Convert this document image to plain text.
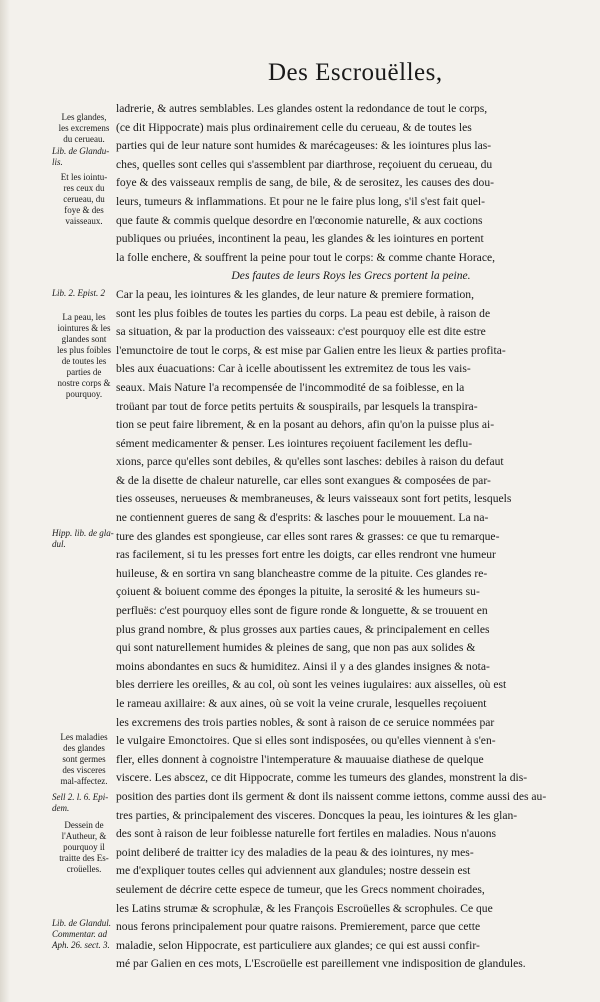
Des Escrouëlles,
Les glandes,
les excremens
du cerueau.
Lib. de Glandu-
lis.
Et les iointu-
res ceux du
cerueau, du
foye & des
vaisseaux.
Lib. 2. Epist. 2
La peau, les
iointures & les
glandes sont
les plus foibles
de toutes les
parties de
nostre corps &
pourquoy.
Hipp. lib. de gla-
dul.
Les maladies
des glandes
sont germes
des visceres
mal-affectez.
Sell 2. l. 6. Epi-
dem.
Dessein de
l'Autheur, &
pourquoy il
traitte des Es-
croüelles.
Lib. de Glandul.
Commentar. ad
Aph. 26. sect. 3.
ladrerie, & autres semblables. Les glandes ostent la redondance de tout le corps,
(ce dit Hippocrate) mais plus ordinairement celle du cerueau, & de toutes les
parties qui de leur nature sont humides & marécageuses: & les iointures plus las-
ches, quelles sont celles qui s'assemblent par diarthrose, reçoiuent du cerueau, du
foye & des vaisseaux remplis de sang, de bile, & de serositez, les causes des dou-
leurs, tumeurs & inflammations. Et pour ne le faire plus long, s'il s'est fait quel-
que faute & commis quelque desordre en l'œconomie naturelle, & aux coctions
publiques ou priuées, incontinent la peau, les glandes & les iointures en portent
la folle enchere, & souffrent la peine pour tout le corps: & comme chante Horace,
Des fautes de leurs Roys les Grecs portent la peine.
Car la peau, les iointures & les glandes, de leur nature & premiere formation,
sont les plus foibles de toutes les parties du corps. La peau est debile, à raison de
sa situation, & par la production des vaisseaux: c'est pourquoy elle est dite estre
l'emunctoire de tout le corps, & est mise par Galien entre les lieux & parties profita-
bles aux éuacuations: Car à icelle aboutissent les extremitez de tous les vais-
seaux. Mais Nature l'a recompensée de l'incommodité de sa foiblesse, en la
troüant par tout de force petits pertuits & souspirails, par lesquels la transpira-
tion se peut faire librement, & en la posant au dehors, afin qu'on la puisse plus ai-
sément medicamenter & penser. Les iointures reçoiuent facilement les deflu-
xions, parce qu'elles sont debiles, & qu'elles sont lasches: debiles à raison du defaut
& de la disette de chaleur naturelle, car elles sont exangues & composées de par-
ties osseuses, nerueuses & membraneuses, & leurs vaisseaux sont fort petits, lesquels
ne contiennent gueres de sang & d'esprits: & lasches pour le mouuement. La na-
ture des glandes est spongieuse, car elles sont rares & grasses: ce que tu remarque-
ras facilement, si tu les presses fort entre les doigts, car elles rendront vne humeur
huileuse, & en sortira vn sang blancheastre comme de la pituite. Ces glandes re-
çoiuent & boiuent comme des éponges la pituite, la serosité & les humeurs su-
perfluës: c'est pourquoy elles sont de figure ronde & longuette, & se trouuent en
plus grand nombre, & plus grosses aux parties caues, & principalement en celles
qui sont naturellement humides & pleines de sang, que non pas aux solides &
moins abondantes en sucs & humiditez. Ainsi il y a des glandes insignes & nota-
bles derriere les oreilles, & au col, où sont les veines iugulaires: aux aisselles, où est
le rameau axillaire: & aux aines, où se voit la veine crurale, lesquelles reçoiuent
les excremens des trois parties nobles, & sont à raison de ce seruice nommées par
le vulgaire Emonctoires. Que si elles sont indisposées, ou qu'elles viennent à s'en-
fler, elles donnent à cognoistre l'intemperature & mauuaise diathese de quelque
viscere. Les abscez, ce dit Hippocrate, comme les tumeurs des glandes, monstrent la dis-
position des parties dont ils germent & dont ils naissent comme iettons, comme aussi des au-
tres parties, & principalement des visceres. Doncques la peau, les iointures & les glan-
des sont à raison de leur foiblesse naturelle fort fertiles en maladies. Nous n'auons
point deliberé de traitter icy des maladies de la peau & des iointures, ny mes-
me d'expliquer toutes celles qui adviennent aux glandules; nostre dessein est
seulement de décrire cette espece de tumeur, que les Grecs nomment choirades,
les Latins strumæ & scrophulæ, & les François Escroüelles & scrophules. Ce que
nous ferons principalement pour quatre raisons. Premierement, parce que cette
maladie, selon Hippocrate, est particuliere aux glandes; ce qui est aussi confir-
mé par Galien en ces mots, L'Escroüelle est pareillement vne indisposition de glandules.
